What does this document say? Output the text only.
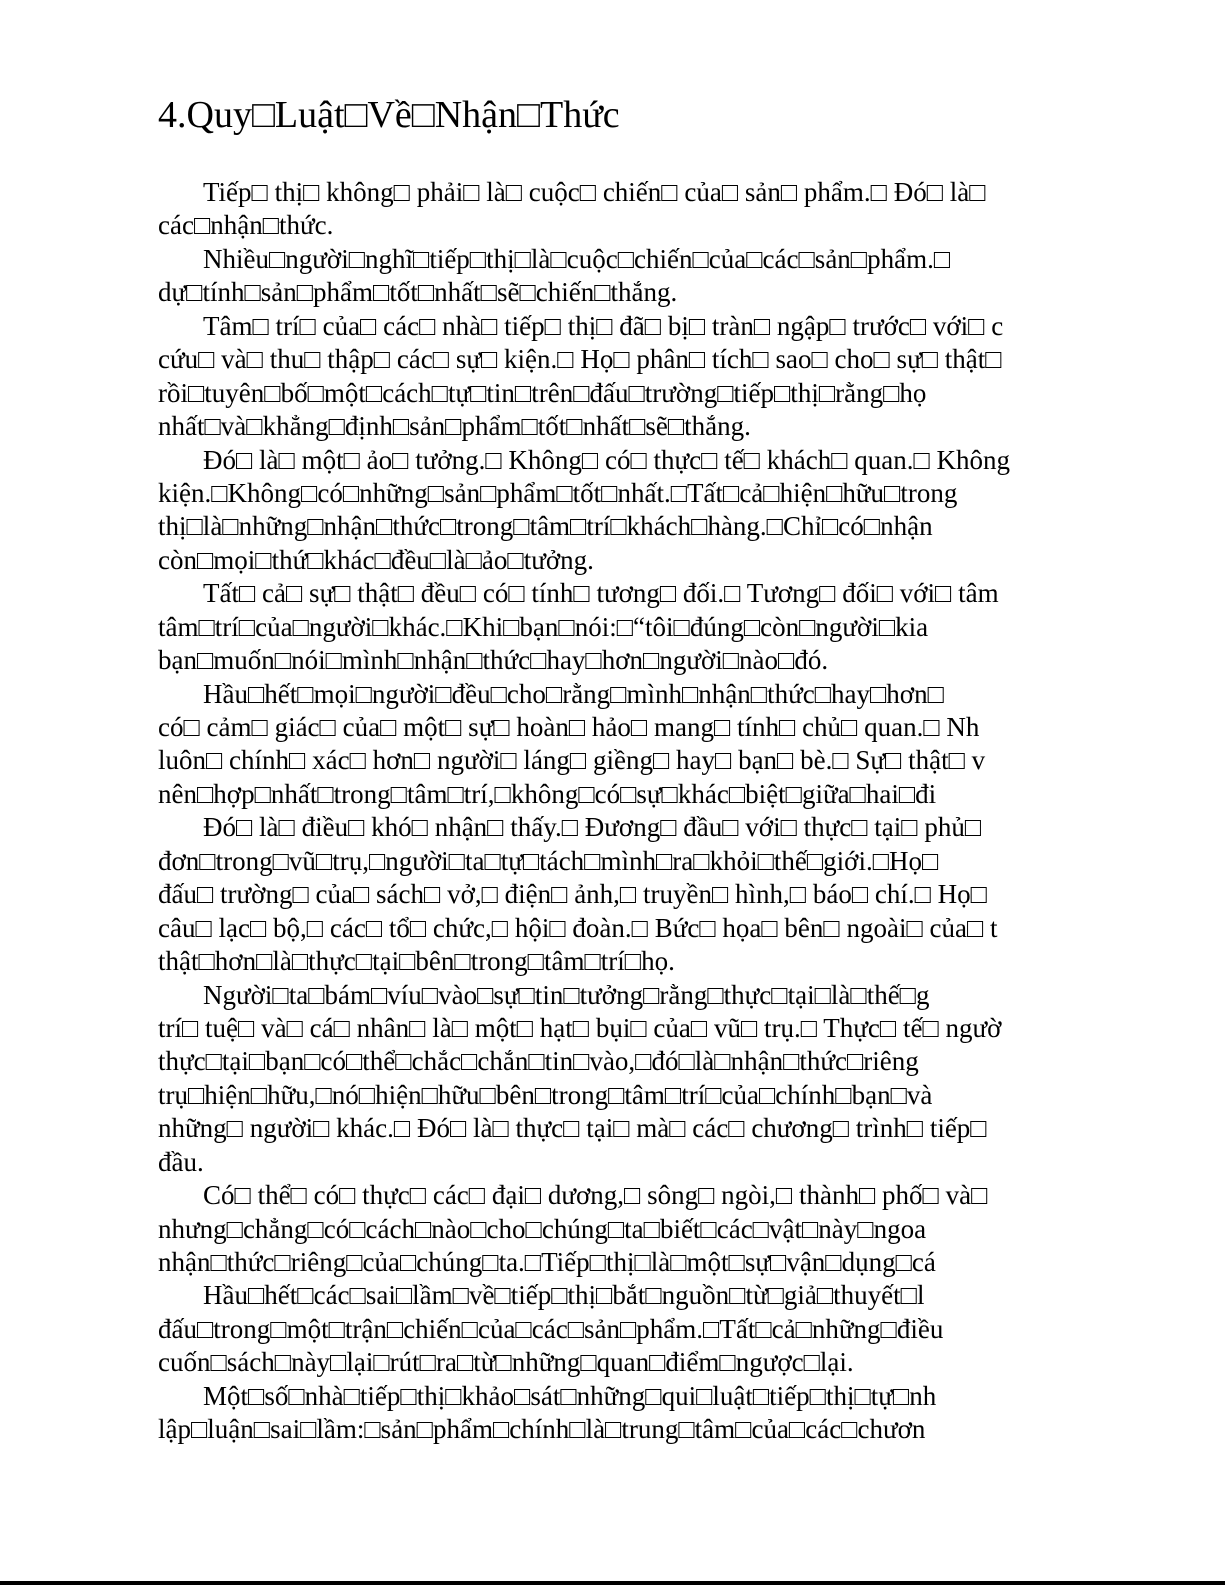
4.Quy□Luật□Về□Nhận□Thức
Tiếp□ thị□ không□ phải□ là□ cuộc□ chiến□ của□ sản□ phẩm.□ Đó□ là□
các□nhận□thức.
Nhiều□người□nghĩ□tiếp□thị□là□cuộc□chiến□của□các□sản□phẩm.□
dự□tính□sản□phẩm□tốt□nhất□sẽ□chiến□thắng.
Tâm□ trí□ của□ các□ nhà□ tiếp□ thị□ đã□ bị□ tràn□ ngập□ trước□ với□ c
cứu□ và□ thu□ thập□ các□ sự□ kiện.□ Họ□ phân□ tích□ sao□ cho□ sự□ thật□
rồi□tuyên□bố□một□cách□tự□tin□trên□đấu□trường□tiếp□thị□rằng□họ
nhất□và□khẳng□định□sản□phẩm□tốt□nhất□sẽ□thắng.
Đó□ là□ một□ ảo□ tưởng.□ Không□ có□ thực□ tế□ khách□ quan.□ Không
kiện.□Không□có□những□sản□phẩm□tốt□nhất.□Tất□cả□hiện□hữu□trong
thị□là□những□nhận□thức□trong□tâm□trí□khách□hàng.□Chỉ□có□nhận
còn□mọi□thứ□khác□đều□là□ảo□tưởng.
Tất□ cả□ sự□ thật□ đều□ có□ tính□ tương□ đối.□ Tương□ đối□ với□ tâm
tâm□trí□của□người□khác.□Khi□bạn□nói:□“tôi□đúng□còn□người□kia
bạn□muốn□nói□mình□nhận□thức□hay□hơn□người□nào□đó.
Hầu□hết□mọi□người□đều□cho□rằng□mình□nhận□thức□hay□hơn□
có□ cảm□ giác□ của□ một□ sự□ hoàn□ hảo□ mang□ tính□ chủ□ quan.□ Nh
luôn□ chính□ xác□ hơn□ người□ láng□ giềng□ hay□ bạn□ bè.□ Sự□ thật□ v
nên□hợp□nhất□trong□tâm□trí,□không□có□sự□khác□biệt□giữa□hai□đi
Đó□ là□ điều□ khó□ nhận□ thấy.□ Đương□ đầu□ với□ thực□ tại□ phủ□
đơn□trong□vũ□trụ,□người□ta□tự□tách□mình□ra□khỏi□thế□giới.□Họ□
đấu□ trường□ của□ sách□ vở,□ điện□ ảnh,□ truyền□ hình,□ báo□ chí.□ Họ□
câu□ lạc□ bộ,□ các□ tổ□ chức,□ hội□ đoàn.□ Bức□ họa□ bên□ ngoài□ của□ t
thật□hơn□là□thực□tại□bên□trong□tâm□trí□họ.
Người□ta□bám□víu□vào□sự□tin□tưởng□rằng□thực□tại□là□thế□g
trí□ tuệ□ và□ cá□ nhân□ là□ một□ hạt□ bụi□ của□ vũ□ trụ.□ Thực□ tế□ ngườ
thực□tại□bạn□có□thể□chắc□chắn□tin□vào,□đó□là□nhận□thức□riêng
trụ□hiện□hữu,□nó□hiện□hữu□bên□trong□tâm□trí□của□chính□bạn□và
những□ người□ khác.□ Đó□ là□ thực□ tại□ mà□ các□ chương□ trình□ tiếp□
đầu.
Có□ thể□ có□ thực□ các□ đại□ dương,□ sông□ ngòi,□ thành□ phố□ và□
nhưng□chẳng□có□cách□nào□cho□chúng□ta□biết□các□vật□này□ngoa
nhận□thức□riêng□của□chúng□ta.□Tiếp□thị□là□một□sự□vận□dụng□cá
Hầu□hết□các□sai□lầm□về□tiếp□thị□bắt□nguồn□từ□giả□thuyết□l
đấu□trong□một□trận□chiến□của□các□sản□phẩm.□Tất□cả□những□điều
cuốn□sách□này□lại□rút□ra□từ□những□quan□điểm□ngược□lại.
Một□số□nhà□tiếp□thị□khảo□sát□những□qui□luật□tiếp□thị□tự□nh
lập□luận□sai□lầm:□sản□phẩm□chính□là□trung□tâm□của□các□chươn
